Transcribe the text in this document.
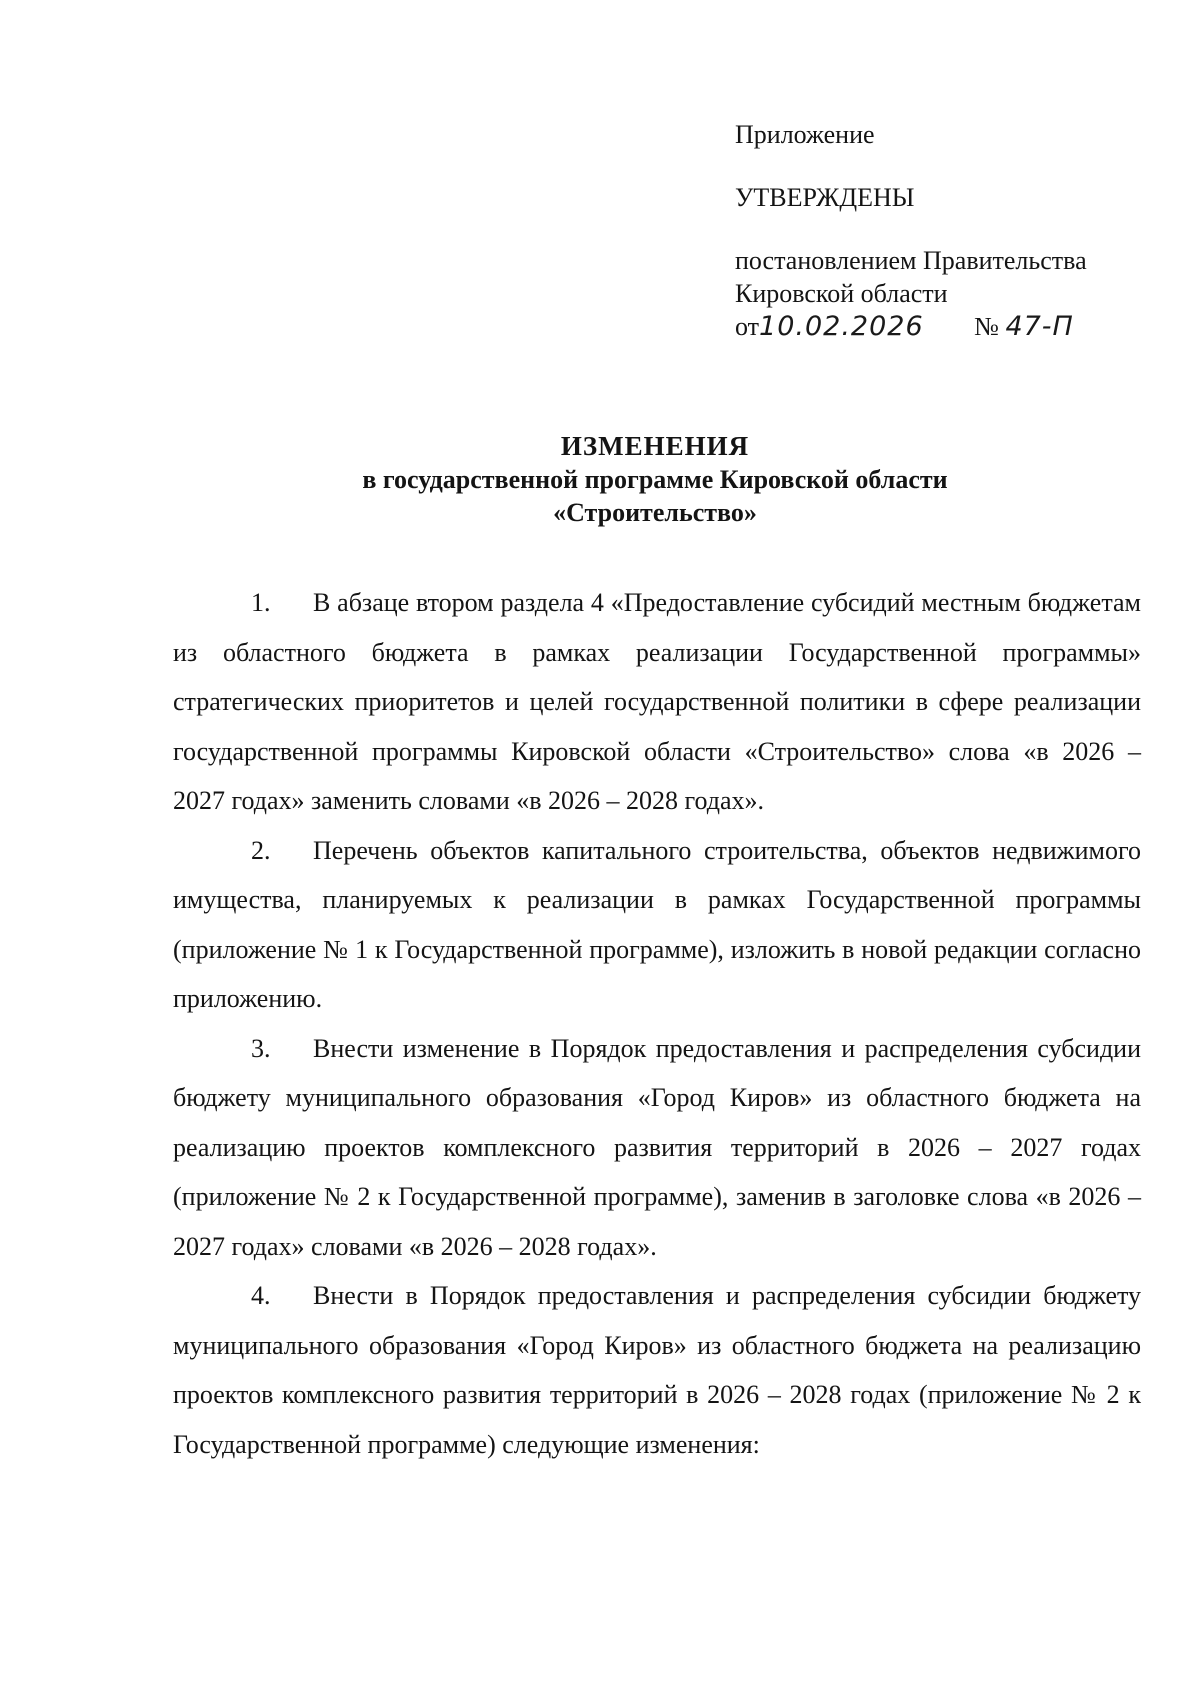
Приложение
УТВЕРЖДЕНЫ
постановлением Правительства
Кировской области
от10.02.2026 № 47-П
ИЗМЕНЕНИЯ
в государственной программе Кировской области
«Строительство»

1. В абзаце втором раздела 4 «Предоставление субсидий местным бюджетам из областного бюджета в рамках реализации Государственной программы» стратегических приоритетов и целей государственной политики в сфере реализации государственной программы Кировской области «Строительство» слова «в 2026 – 2027 годах» заменить словами «в 2026 – 2028 годах».

2. Перечень объектов капитального строительства, объектов недвижимого имущества, планируемых к реализации в рамках Государственной программы (приложение № 1 к Государственной программе), изложить в новой редакции согласно приложению.

3. Внести изменение в Порядок предоставления и распределения субсидии бюджету муниципального образования «Город Киров» из областного бюджета на реализацию проектов комплексного развития территорий в 2026 – 2027 годах (приложение № 2 к Государственной программе), заменив в заголовке слова «в 2026 – 2027 годах» словами «в 2026 – 2028 годах».

4. Внести в Порядок предоставления и распределения субсидии бюджету муниципального образования «Город Киров» из областного бюджета на реализацию проектов комплексного развития территорий в 2026 – 2028 годах (приложение № 2 к Государственной программе) следующие изменения:
